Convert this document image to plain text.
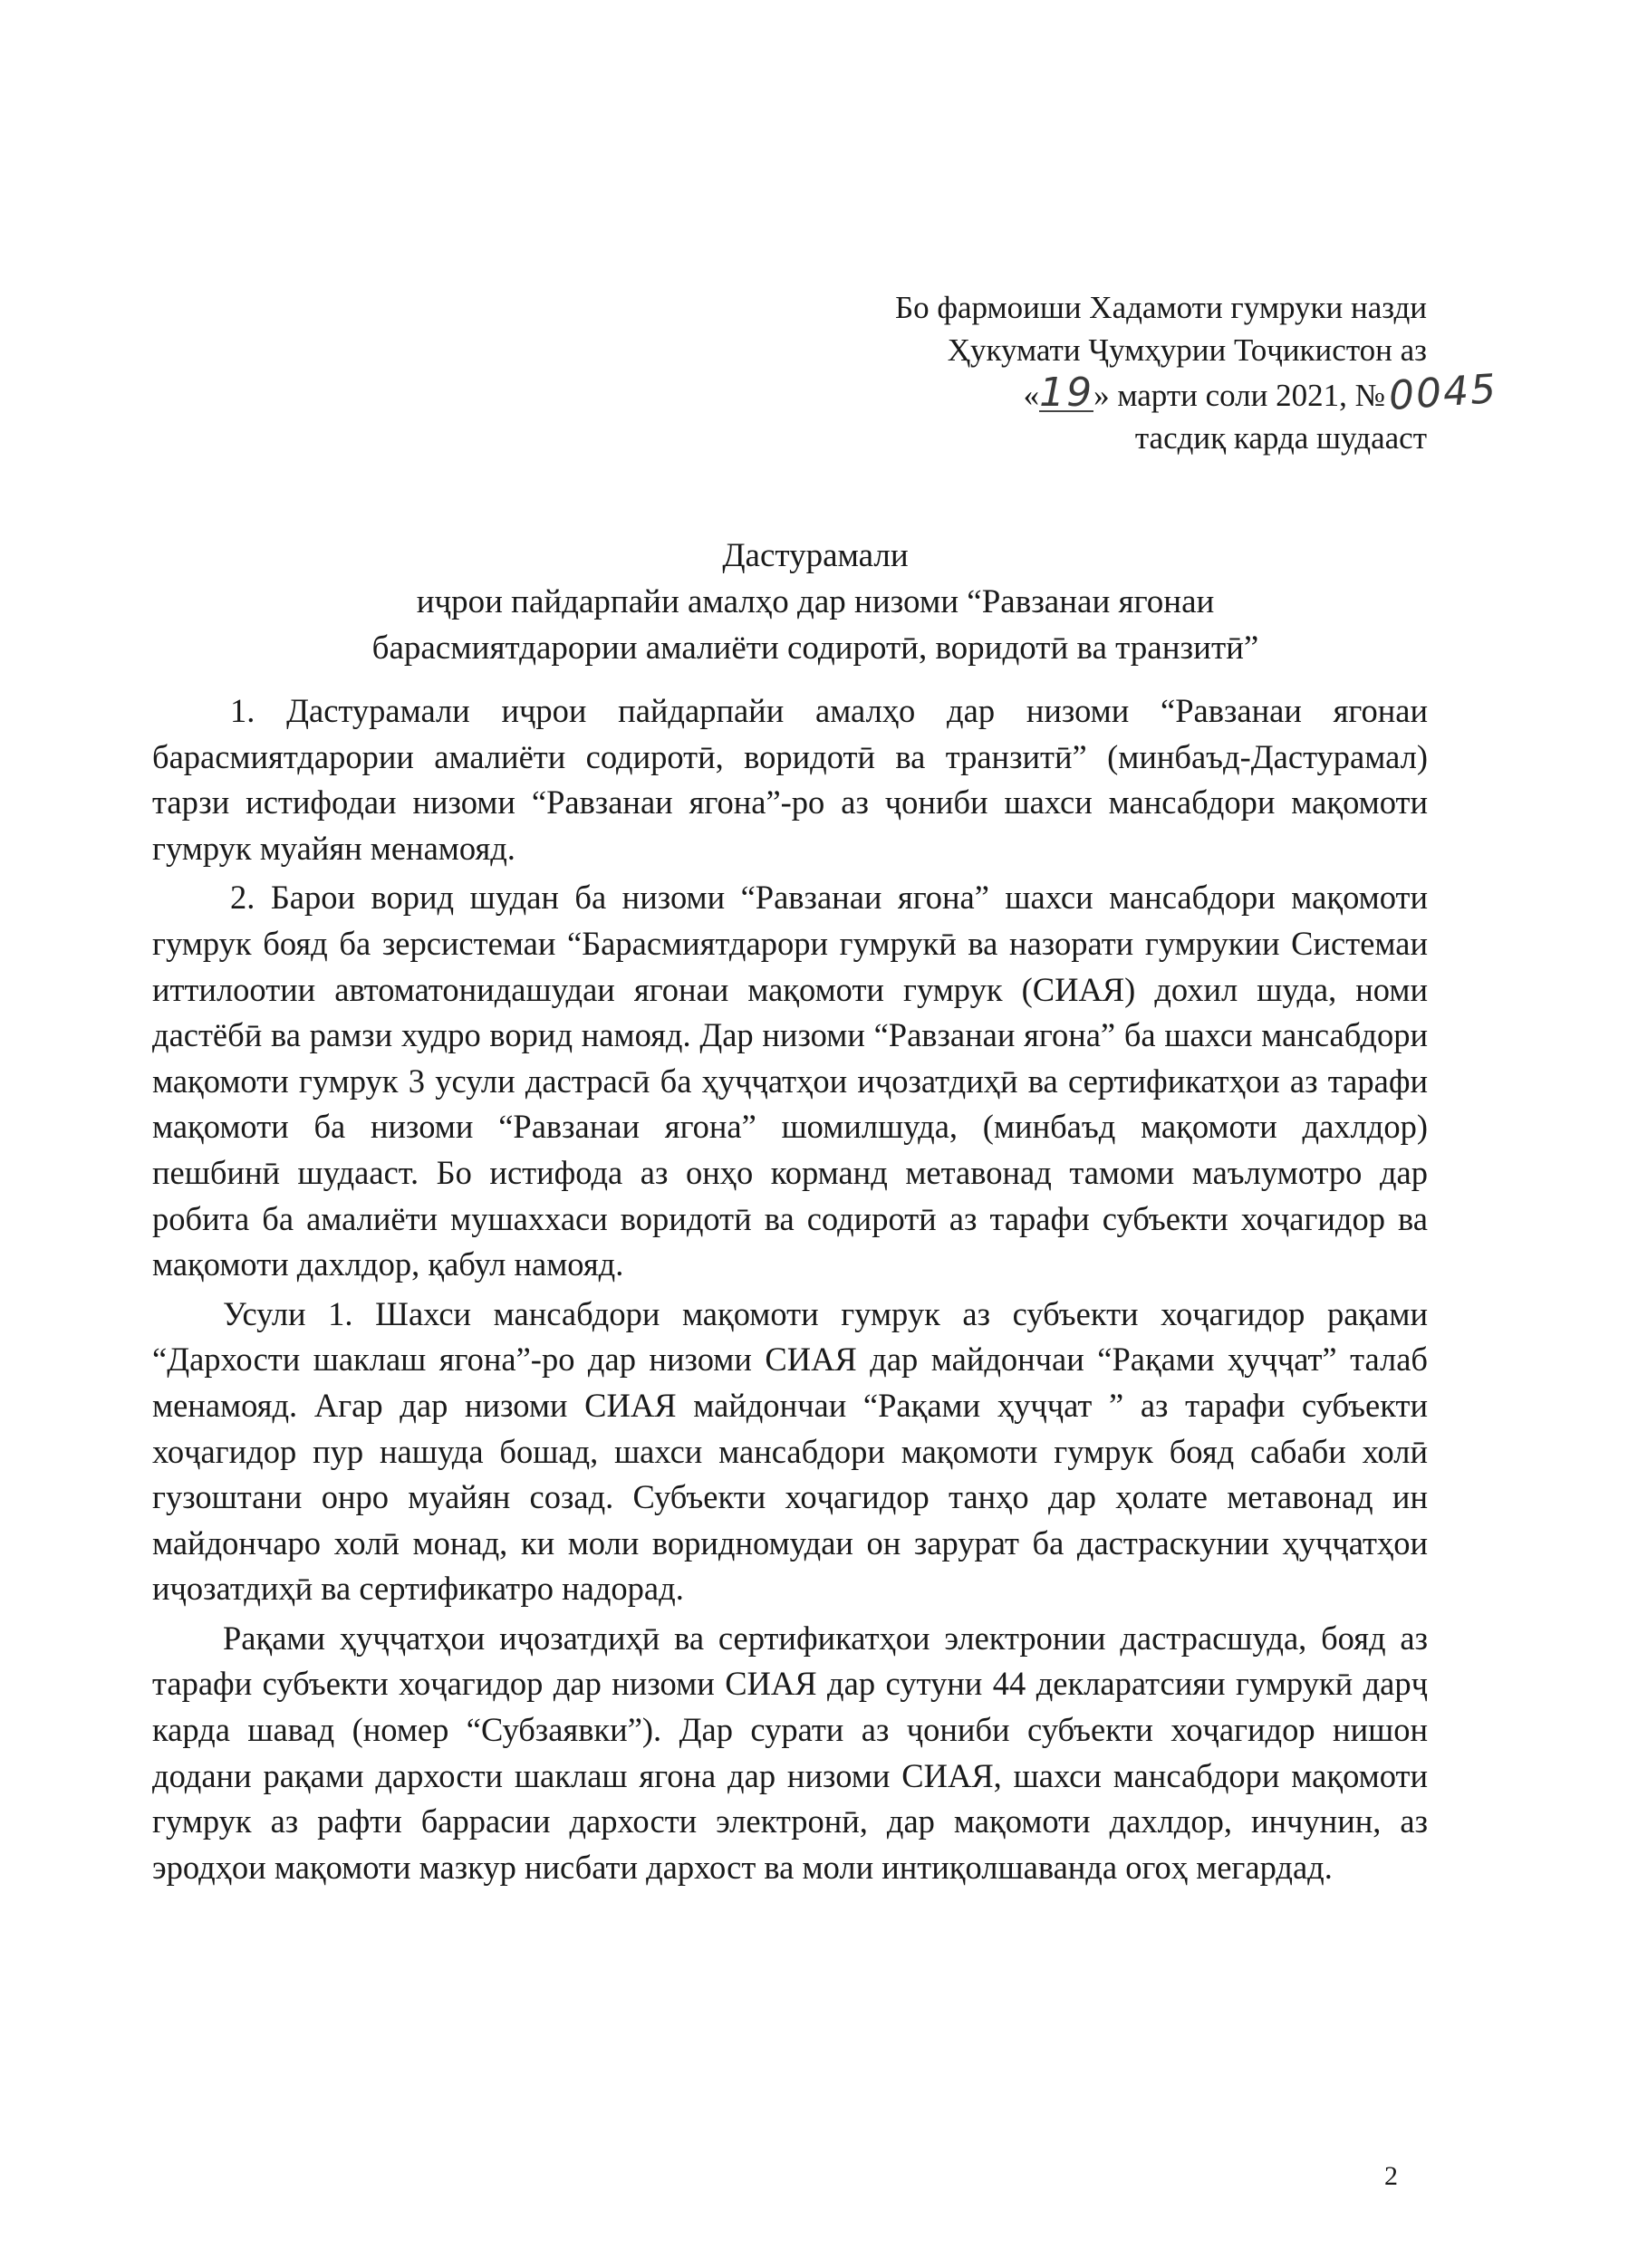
Бо фармоиши Хадамоти гумруки назди
Ҳукумати Ҷумҳурии Тоҷикистон аз
«19» марти соли 2021, №0045
тасдиқ карда шудааст
Дастурамали
иҷрои пайдарпайи амалҳо дар низоми “Равзанаи ягонаи
барасмиятдарории амалиёти содиротӣ, воридотӣ ва транзитӣ”

1. Дастурамали иҷрои пайдарпайи амалҳо дар низоми “Равзанаи ягонаи барасмиятдарории амалиёти содиротӣ, воридотӣ ва транзитӣ” (минбаъд-Дастурамал) тарзи истифодаи низоми “Равзанаи ягона”-ро аз ҷониби шахси мансабдори мақомоти гумрук муайян менамояд.

2. Барои ворид шудан ба низоми “Равзанаи ягона” шахси мансабдори мақомоти гумрук бояд ба зерсистемаи “Барасмиятдарори гумрукӣ ва назорати гумрукии Системаи иттилоотии автоматонидашудаи ягонаи мақомоти гумрук (СИАЯ) дохил шуда, номи дастёбӣ ва рамзи худро ворид намояд. Дар низоми “Равзанаи ягона” ба шахси мансабдори мақомоти гумрук 3 усули дастрасӣ ба ҳуҷҷатҳои иҷозатдиҳӣ ва сертификатҳои аз тарафи мақомоти ба низоми “Равзанаи ягона” шомилшуда, (минбаъд мақомоти дахлдор) пешбинӣ шудааст. Бо истифода аз онҳо корманд метавонад тамоми маълумотро дар робита ба амалиёти мушаххаси воридотӣ ва содиротӣ аз тарафи субъекти хоҷагидор ва мақомоти дахлдор, қабул намояд.

Усули 1. Шахси мансабдори мақомоти гумрук аз субъекти хоҷагидор рақами “Дархости шаклаш ягона”-ро дар низоми СИАЯ дар майдончаи “Рақами ҳуҷҷат” талаб менамояд. Агар дар низоми СИАЯ майдончаи “Рақами ҳуҷҷат ” аз тарафи субъекти хоҷагидор пур нашуда бошад, шахси мансабдори мақомоти гумрук бояд сабаби холӣ гузоштани онро муайян созад. Субъекти хоҷагидор танҳо дар ҳолате метавонад ин майдончаро холӣ монад, ки моли воридномудаи он зарурат ба дастраскунии ҳуҷҷатҳои иҷозатдиҳӣ ва сертификатро надорад.

Рақами ҳуҷҷатҳои иҷозатдиҳӣ ва сертификатҳои электронии дастрасшуда, бояд аз тарафи субъекти хоҷагидор дар низоми СИАЯ дар сутуни 44 декларатсияи гумрукӣ дарҷ карда шавад (номер “Субзаявки”). Дар сурати аз ҷониби субъекти хоҷагидор нишон додани рақами дархости шаклаш ягона дар низоми СИАЯ, шахси мансабдори мақомоти гумрук аз рафти баррасии дархости электронӣ, дар мақомоти дахлдор, инчунин, аз эродҳои мақомоти мазкур нисбати дархост ва моли интиқолшаванда огоҳ мегардад.

2
